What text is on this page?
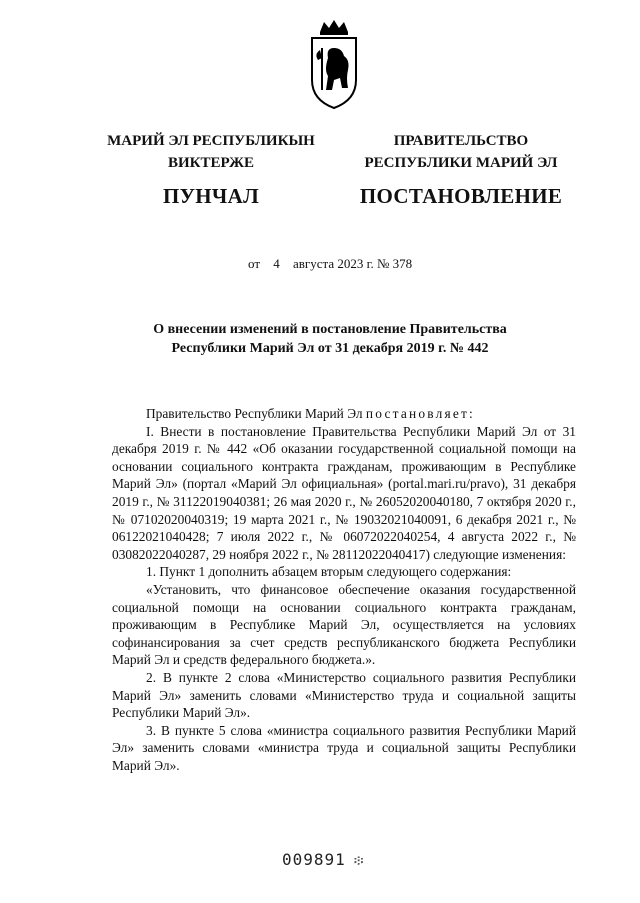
МАРИЙ ЭЛ РЕСПУБЛИКЫН
ВИКТЕРЖЕ
ПУНЧАЛ
ПРАВИТЕЛЬСТВО
РЕСПУБЛИКИ МАРИЙ ЭЛ
ПОСТАНОВЛЕНИЕ
от 4 августа 2023 г. № 378
О внесении изменений в постановление Правительства
Республики Марий Эл от 31 декабря 2019 г. № 442

Правительство Республики Марий Эл постановляет:

I. Внести в постановление Правительства Республики Марий Эл от 31 декабря 2019 г. № 442 «Об оказании государственной социальной помощи на основании социального контракта гражданам, проживающим в Республике Марий Эл» (портал «Марий Эл официальная» (portal.mari.ru/pravo), 31 декабря 2019 г., № 31122019040381; 26 мая 2020 г., № 26052020040180, 7 октября 2020 г., № 07102020040319; 19 марта 2021 г., № 19032021040091, 6 декабря 2021 г., № 06122021040428; 7 июля 2022 г., № 06072022040254, 4 августа 2022 г., № 03082022040287, 29 ноября 2022 г., № 28112022040417) следующие изменения:

1. Пункт 1 дополнить абзацем вторым следующего содержания:

«Установить, что финансовое обеспечение оказания государственной социальной помощи на основании социального контракта гражданам, проживающим в Республике Марий Эл, осуществляется на условиях софинансирования за счет средств республиканского бюджета Республики Марий Эл и средств федерального бюджета.».

2. В пункте 2 слова «Министерство социального развития Республики Марий Эл» заменить словами «Министерство труда и социальной защиты Республики Марий Эл».

3. В пункте 5 слова «министра социального развития Республики Марий Эл» заменить словами «министра труда и социальной защиты Республики Марий Эл».

009891 ፨
